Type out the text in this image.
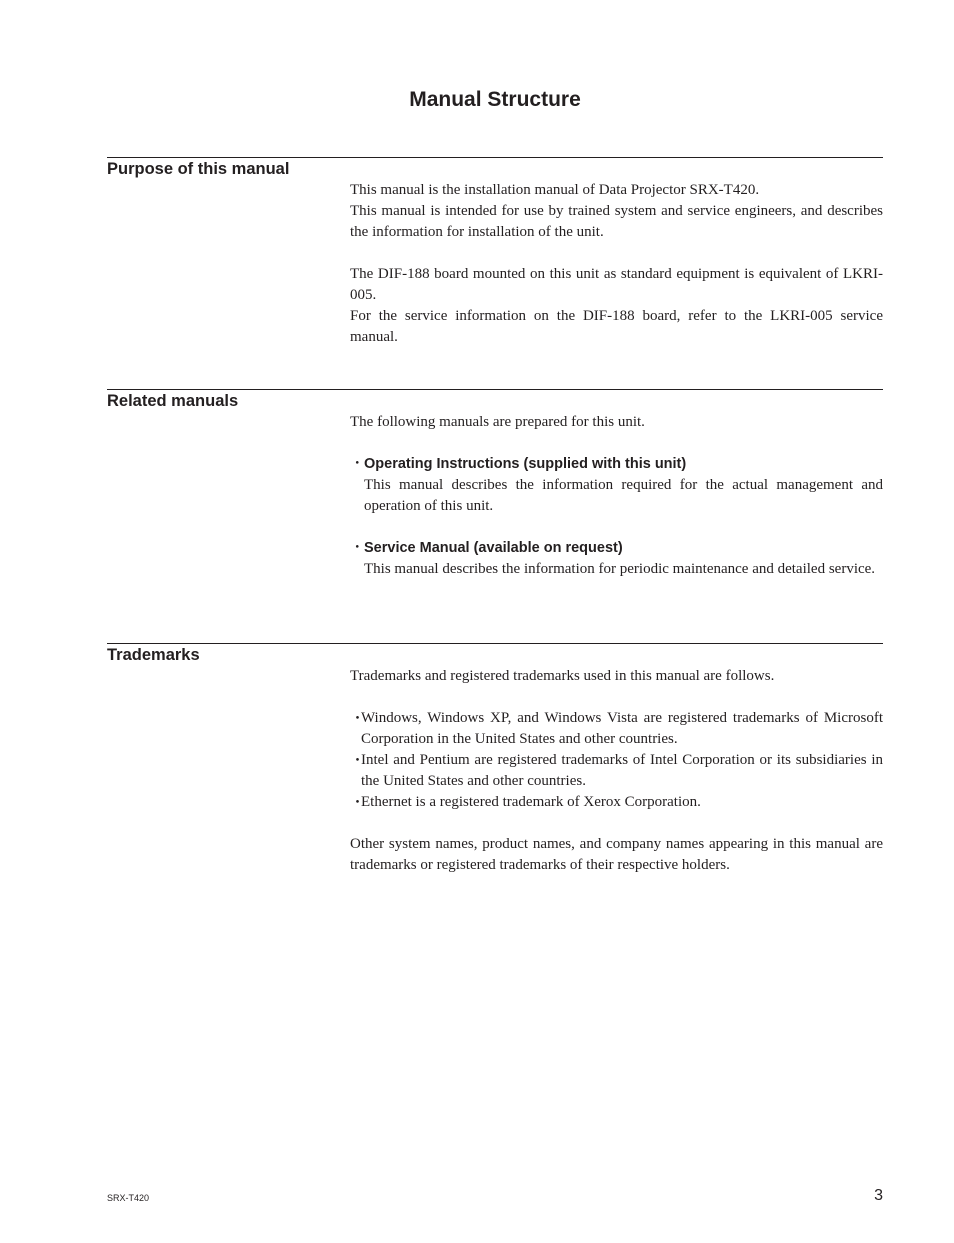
Manual Structure
Purpose of this manual

This manual is the installation manual of Data Projector SRX-T420.

This manual is intended for use by trained system and service engineers, and describes the information for installation of the unit.

The DIF-188 board mounted on this unit as standard equipment is equivalent of LKRI-005.

For the service information on the DIF-188 board, refer to the LKRI-005 service manual.

Related manuals

The following manuals are prepared for this unit.

・ Operating Instructions (supplied with this unit)

This manual describes the information required for the actual management and operation of this unit.

・ Service Manual (available on request)

This manual describes the information for periodic maintenance and detailed service.

Trademarks

Trademarks and registered trademarks used in this manual are follows.

・
Windows, Windows XP, and Windows Vista are registered trademarks of Microsoft Corporation in the United States and other countries.
・
Intel and Pentium are registered trademarks of Intel Corporation or its subsidiaries in the United States and other countries.
・
Ethernet is a registered trademark of Xerox Corporation.

Other system names, product names, and company names appearing in this manual are trademarks or registered trademarks of their respective holders.

SRX-T420	3
